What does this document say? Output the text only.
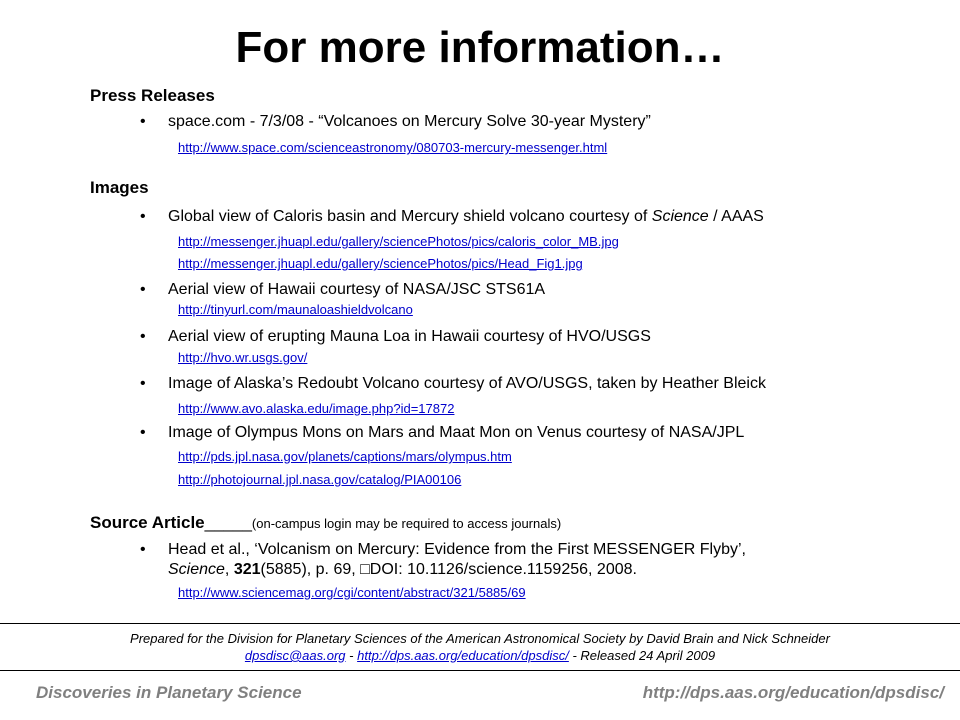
For more information…
Press Releases
• space.com - 7/3/08 - “Volcanoes on Mercury Solve 30-year Mystery”
http://www.space.com/scienceastronomy/080703-mercury-messenger.html
Images
• Global view of Caloris basin and Mercury shield volcano courtesy of Science / AAAS
http://messenger.jhuapl.edu/gallery/sciencePhotos/pics/caloris_color_MB.jpg
http://messenger.jhuapl.edu/gallery/sciencePhotos/pics/Head_Fig1.jpg
• Aerial view of Hawaii courtesy of NASA/JSC STS61A
http://tinyurl.com/maunaloashieldvolcano
• Aerial view of erupting Mauna Loa in Hawaii courtesy of HVO/USGS
http://hvo.wr.usgs.gov/
• Image of Alaska’s Redoubt Volcano courtesy of AVO/USGS, taken by Heather Bleick
http://www.avo.alaska.edu/image.php?id=17872
• Image of Olympus Mons on Mars and Maat Mon on Venus courtesy of NASA/JPL
http://pds.jpl.nasa.gov/planets/captions/mars/olympus.htm
http://photojournal.jpl.nasa.gov/catalog/PIA00106
Source Article_____(on-campus login may be required to access journals)
• Head et al., ‘Volcanism on Mercury: Evidence from the First MESSENGER Flyby’,
Science, 321(5885), p. 69, □DOI: 10.1126/science.1159256, 2008.
http://www.sciencemag.org/cgi/content/abstract/321/5885/69
Prepared for the Division for Planetary Sciences of the American Astronomical Society by David Brain and Nick Schneider
dpsdisc@aas.org - http://dps.aas.org/education/dpsdisc/ - Released 24 April 2009
Discoveries in Planetary Science	http://dps.aas.org/education/dpsdisc/
